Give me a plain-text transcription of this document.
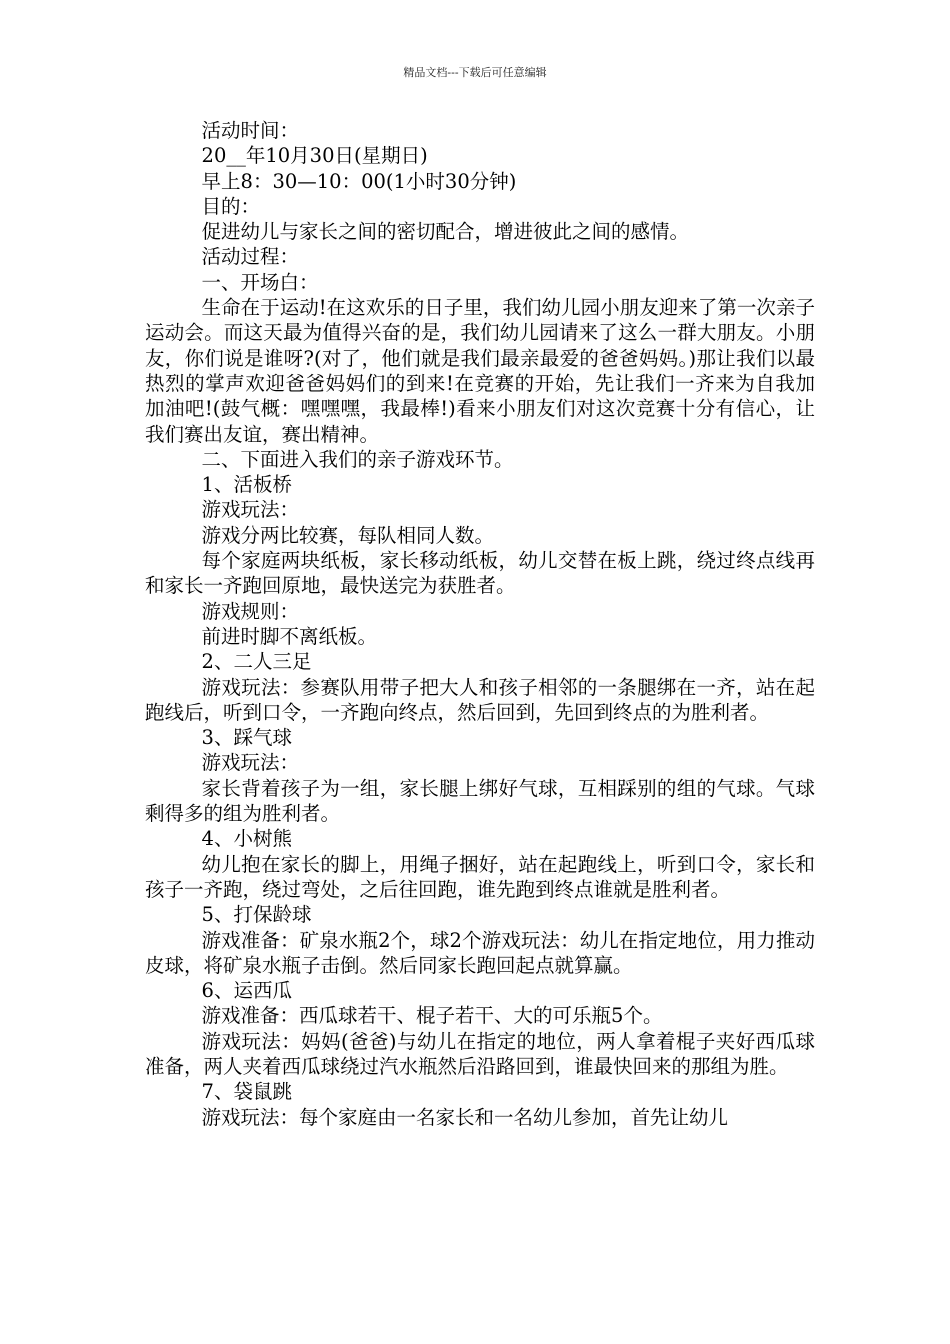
精品文档---下载后可任意编辑

活动时间：

20__年10月30日(星期日)

早上8：30—10：00(1小时30分钟)

目的：

促进幼儿与家长之间的密切配合，增进彼此之间的感情。

活动过程：

一、开场白：

生命在于运动!在这欢乐的日子里，我们幼儿园小朋友迎来了第一次亲子运动会。而这天最为值得兴奋的是，我们幼儿园请来了这么一群大朋友。小朋友，你们说是谁呀?(对了，他们就是我们最亲最爱的爸爸妈妈。)那让我们以最热烈的掌声欢迎爸爸妈妈们的到来!在竞赛的开始，先让我们一齐来为自我加加油吧!(鼓气概：嘿嘿嘿，我最棒!)看来小朋友们对这次竞赛十分有信心，让我们赛出友谊，赛出精神。

二、下面进入我们的亲子游戏环节。

1、活板桥

游戏玩法：

游戏分两比较赛，每队相同人数。

每个家庭两块纸板，家长移动纸板，幼儿交替在板上跳，绕过终点线再和家长一齐跑回原地，最快送完为获胜者。

游戏规则：

前进时脚不离纸板。

2、二人三足

游戏玩法：参赛队用带子把大人和孩子相邻的一条腿绑在一齐，站在起跑线后，听到口令，一齐跑向终点，然后回到，先回到终点的为胜利者。

3、踩气球

游戏玩法：

家长背着孩子为一组，家长腿上绑好气球，互相踩别的组的气球。气球剩得多的组为胜利者。

4、小树熊

幼儿抱在家长的脚上，用绳子捆好，站在起跑线上，听到口令，家长和孩子一齐跑，绕过弯处，之后往回跑，谁先跑到终点谁就是胜利者。

5、打保龄球

游戏准备：矿泉水瓶2个，球2个游戏玩法：幼儿在指定地位，用力推动皮球，将矿泉水瓶子击倒。然后同家长跑回起点就算赢。

6、运西瓜

游戏准备：西瓜球若干、棍子若干、大的可乐瓶5个。

游戏玩法：妈妈(爸爸)与幼儿在指定的地位，两人拿着棍子夹好西瓜球准备，两人夹着西瓜球绕过汽水瓶然后沿路回到，谁最快回来的那组为胜。

7、袋鼠跳

游戏玩法：每个家庭由一名家长和一名幼儿参加，首先让幼儿
